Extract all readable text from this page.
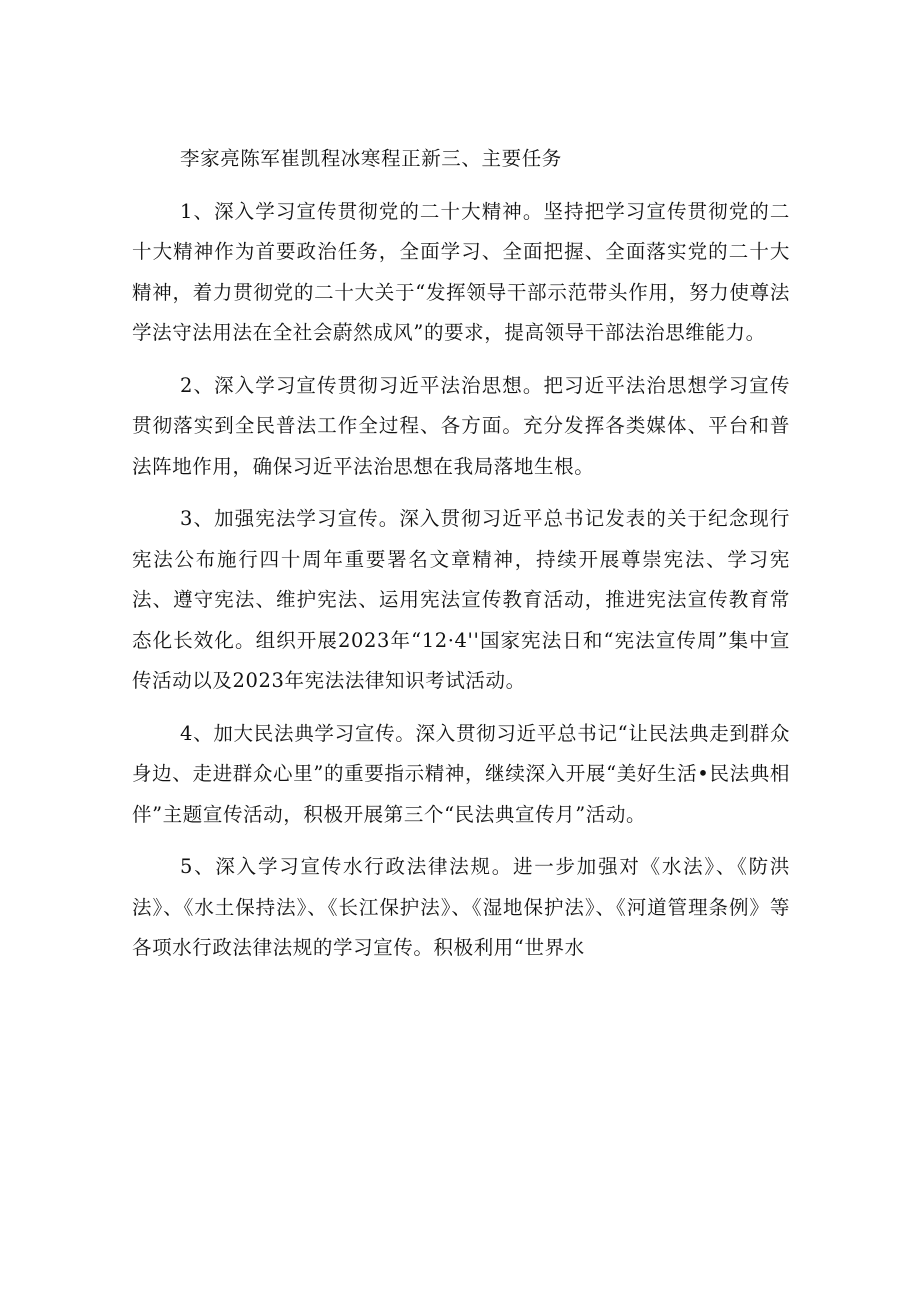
李家亮陈军崔凯程冰寒程正新三、主要任务

1、深入学习宣传贯彻党的二十大精神。坚持把学习宣传贯彻党的二十大精神作为首要政治任务，全面学习、全面把握、全面落实党的二十大精神，着力贯彻党的二十大关于“发挥领导干部示范带头作用，努力使尊法学法守法用法在全社会蔚然成风”的要求，提高领导干部法治思维能力。

2、深入学习宣传贯彻习近平法治思想。把习近平法治思想学习宣传贯彻落实到全民普法工作全过程、各方面。充分发挥各类媒体、平台和普法阵地作用，确保习近平法治思想在我局落地生根。

3、加强宪法学习宣传。深入贯彻习近平总书记发表的关于纪念现行宪法公布施行四十周年重要署名文章精神，持续开展尊崇宪法、学习宪法、遵守宪法、维护宪法、运用宪法宣传教育活动，推进宪法宣传教育常态化长效化。组织开展2023年“12·4''国家宪法日和“宪法宣传周”集中宣传活动以及2023年宪法法律知识考试活动。

4、加大民法典学习宣传。深入贯彻习近平总书记“让民法典走到群众身边、走进群众心里”的重要指示精神，继续深入开展“美好生活•民法典相伴”主题宣传活动，积极开展第三个“民法典宣传月”活动。

5、深入学习宣传水行政法律法规。进一步加强对《水法》、《防洪法》、《水土保持法》、《长江保护法》、《湿地保护法》、《河道管理条例》等各项水行政法律法规的学习宣传。积极利用“世界水
